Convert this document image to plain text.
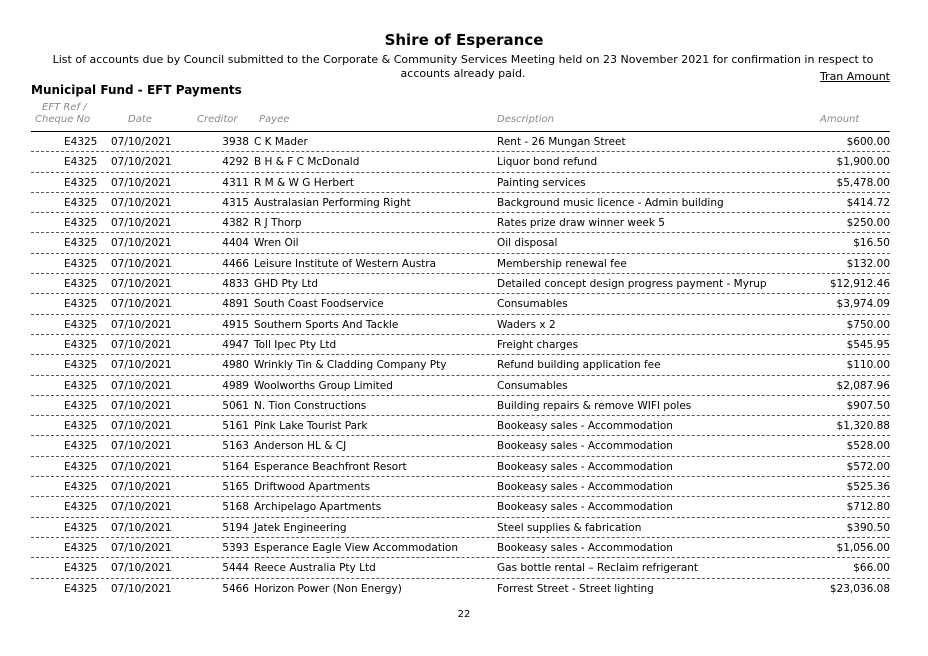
Shire of Esperance
List of accounts due by Council submitted to the Corporate & Community Services Meeting held on 23 November 2021 for confirmation in respect to accounts already paid.	Tran Amount
Municipal Fund - EFT Payments
EFT Ref /
Cheque No	Date	Creditor Payee	Description	Amount
E4325 07/10/2021	3938 C K Mader	Rent - 26 Mungan Street	$600.00
E4325 07/10/2021	4292 B H & F C McDonald	Liquor bond refund	$1,900.00
E4325 07/10/2021	4311 R M & W G Herbert	Painting services	$5,478.00
E4325 07/10/2021	4315 Australasian Performing Right	Background music licence - Admin building	$414.72
E4325 07/10/2021	4382 R J Thorp	Rates prize draw winner week 5	$250.00
E4325 07/10/2021	4404 Wren Oil	Oil disposal	$16.50
E4325 07/10/2021	4466 Leisure Institute of Western Austra	Membership renewal fee	$132.00
E4325 07/10/2021	4833 GHD Pty Ltd	Detailed concept design progress payment - Myrup	$12,912.46
E4325 07/10/2021	4891 South Coast Foodservice	Consumables	$3,974.09
E4325 07/10/2021	4915 Southern Sports And Tackle	Waders x 2	$750.00
E4325 07/10/2021	4947 Toll Ipec Pty Ltd	Freight charges	$545.95
E4325 07/10/2021	4980 Wrinkly Tin & Cladding Company Pty	Refund building application fee	$110.00
E4325 07/10/2021	4989 Woolworths Group Limited	Consumables	$2,087.96
E4325 07/10/2021	5061 N. Tion Constructions	Building repairs & remove WIFI poles	$907.50
E4325 07/10/2021	5161 Pink Lake Tourist Park	Bookeasy sales - Accommodation	$1,320.88
E4325 07/10/2021	5163 Anderson HL & CJ	Bookeasy sales - Accommodation	$528.00
E4325 07/10/2021	5164 Esperance Beachfront Resort	Bookeasy sales - Accommodation	$572.00
E4325 07/10/2021	5165 Driftwood Apartments	Bookeasy sales - Accommodation	$525.36
E4325 07/10/2021	5168 Archipelago Apartments	Bookeasy sales - Accommodation	$712.80
E4325 07/10/2021	5194 Jatek Engineering	Steel supplies & fabrication	$390.50
E4325 07/10/2021	5393 Esperance Eagle View Accommodation	Bookeasy sales - Accommodation	$1,056.00
E4325 07/10/2021	5444 Reece Australia Pty Ltd	Gas bottle rental – Reclaim refrigerant	$66.00
E4325 07/10/2021	5466 Horizon Power (Non Energy)	Forrest Street - Street lighting	$23,036.08
22
